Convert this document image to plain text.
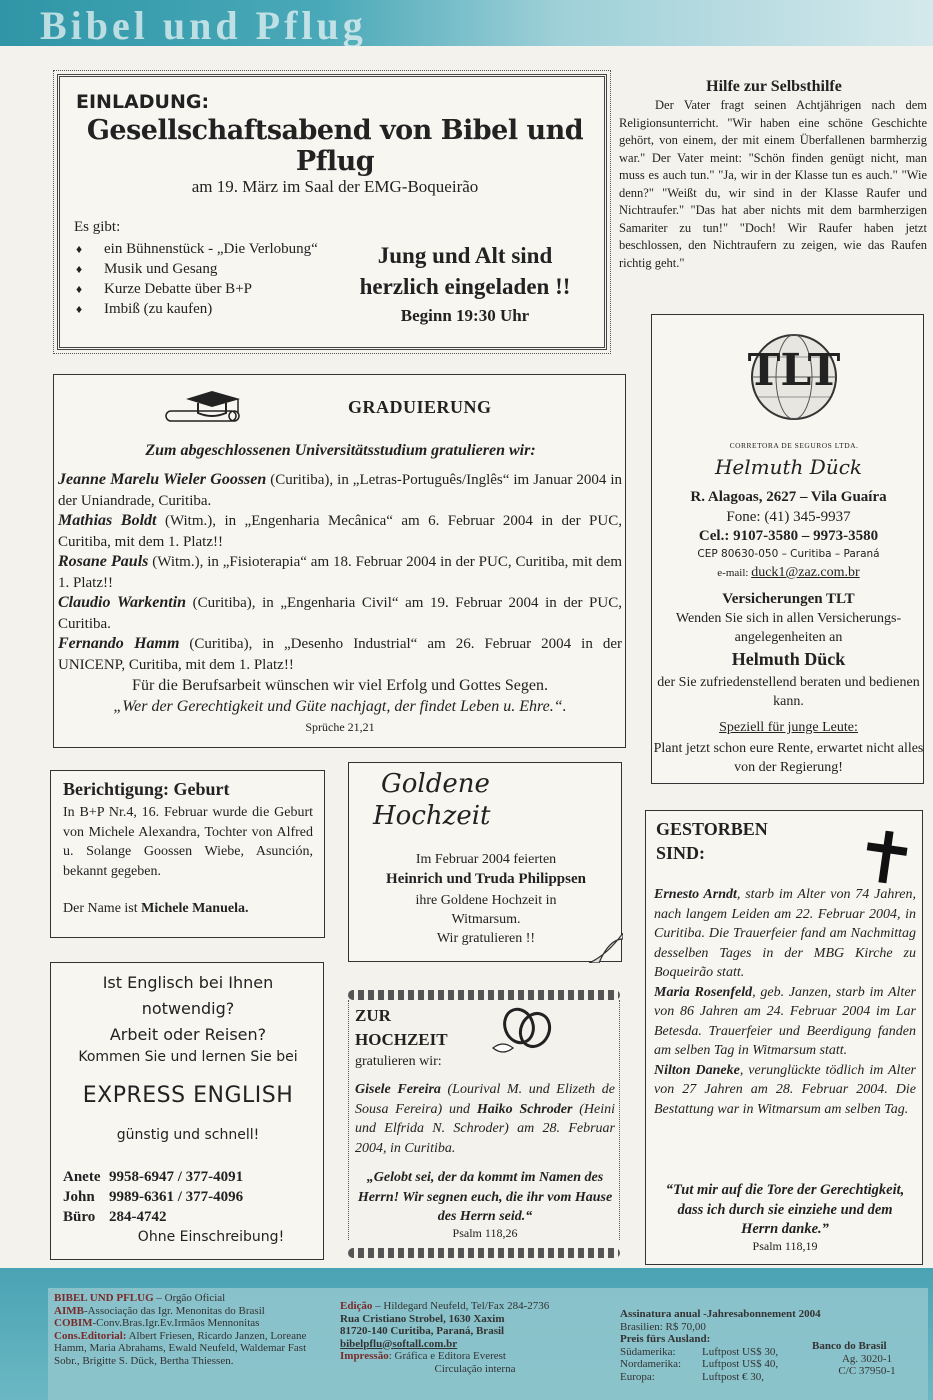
Bibel und Pflug
EINLADUNG:
Gesellschaftsabend von Bibel und Pflug
am 19. März im Saal der EMG-Boqueirão
Es gibt:
♦ ein Bühnenstück - „Die Verlobung“
♦ Musik und Gesang
♦ Kurze Debatte über B+P
♦ Imbiß (zu kaufen)
Jung und Alt sind
herzlich eingeladen !!
Beginn 19:30 Uhr
Hilfe zur Selbsthilfe
Der Vater fragt seinen Achtjährigen nach dem Religionsunterricht. "Wir haben eine schöne Geschichte gehört, von einem, der mit einem Überfallenen barmherzig war." Der Vater meint: "Schön finden genügt nicht, man muss es auch tun." "Ja, wir in der Klasse tun es auch." "Wie denn?" "Weißt du, wir sind in der Klasse Raufer und Nichtraufer." "Das hat aber nichts mit dem barmherzigen Samariter zu tun!" "Doch! Wir Raufer haben jetzt beschlossen, den Nichtraufern zu zeigen, wie das Raufen richtig geht."
GRADUIERUNG
Zum abgeschlossenen Universitätsstudium gratulieren wir:
Jeanne Marelu Wieler Goossen (Curitiba), in „Letras-Português/Inglês“ im Januar 2004 in der Uniandrade, Curitiba.
Mathias Boldt (Witm.), in „Engenharia Mecânica“ am 6. Februar 2004 in der PUC, Curitiba, mit dem 1. Platz!!
Rosane Pauls (Witm.), in „Fisioterapia“ am 18. Februar 2004 in der PUC, Curitiba, mit dem 1. Platz!!
Claudio Warkentin (Curitiba), in „Engenharia Civil“ am 19. Februar 2004 in der PUC, Curitiba.
Fernando Hamm (Curitiba), in „Desenho Industrial“ am 26. Februar 2004 in der UNICENP, Curitiba, mit dem 1. Platz!!
Für die Berufsarbeit wünschen wir viel Erfolg und Gottes Segen.
„Wer der Gerechtigkeit und Güte nachjagt, der findet Leben u. Ehre.“.
Sprüche 21,21
TLT
CORRETORA DE SEGUROS LTDA.
Helmuth Dück
R. Alagoas, 2627 – Vila Guaíra
Fone: (41) 345-9937
Cel.: 9107-3580 – 9973-3580
CEP 80630-050 – Curitiba – Paraná
e-mail: duck1@zaz.com.br
Versicherungen TLT
Wenden Sie sich in allen Versicherungs-angelegenheiten an
Helmuth Dück
der Sie zufriedenstellend beraten und bedienen kann.
Speziell für junge Leute:
Plant jetzt schon eure Rente, erwartet nicht alles von der Regierung!
Berichtigung: Geburt
In B+P Nr.4, 16. Februar wurde die Geburt von Michele Alexandra, Tochter von Alfred u. Solange Goossen Wiebe, Asunción, bekannt gegeben.
Der Name ist Michele Manuela.
Goldene
Hochzeit
Im Februar 2004 feierten
Heinrich und Truda Philippsen
ihre Goldene Hochzeit in Witmarsum.
Wir gratulieren !!
GESTORBEN
SIND:
Ernesto Arndt, starb im Alter von 74 Jahren, nach langem Leiden am 22. Februar 2004, in Curitiba. Die Trauerfeier fand am Nachmittag desselben Tages in der MBG Kirche zu Boqueirão statt.
Maria Rosenfeld, geb. Janzen, starb im Alter von 86 Jahren am 24. Februar 2004 im Lar Betesda. Trauerfeier und Beerdigung fanden am selben Tag in Witmarsum statt.
Nilton Daneke, verunglückte tödlich im Alter von 27 Jahren am 28. Februar 2004. Die Bestattung war in Witmarsum am selben Tag.
“Tut mir auf die Tore der Gerechtigkeit, dass ich durch sie einziehe und dem Herrn danke.”
Psalm 118,19
Ist Englisch bei Ihnen
notwendig?
Arbeit oder Reisen?
Kommen Sie und lernen Sie bei
EXPRESS ENGLISH
günstig und schnell!
Anete 9958-6947 / 377-4091
John 9989-6361 / 377-4096
Büro 284-4742
Ohne Einschreibung!
ZUR
HOCHZEIT
gratulieren wir:
Gisele Fereira (Lourival M. und Elizeth de Sousa Fereira) und Haiko Schroder (Heini und Elfrida N. Schroder) am 28. Februar 2004, in Curitiba.
„Gelobt sei, der da kommt im Namen des Herrn! Wir segnen euch, die ihr vom Hause des Herrn seid.“
Psalm 118,26
BIBEL UND PFLUG – Orgão Oficial
AIMB-Associação das Igr. Menonitas do Brasil
COBIM-Conv.Bras.Igr.Ev.Irmãos Mennonitas
Cons.Editorial: Albert Friesen, Ricardo Janzen, Loreane Hamm, Maria Abrahams, Ewald Neufeld, Waldemar Fast Sobr., Brigitte S. Dück, Bertha Thiessen.
Edição – Hildegard Neufeld, Tel/Fax 284-2736
Rua Cristiano Strobel, 1630 Xaxim
81720-140 Curitiba, Paraná, Brasil
bibelpflu@softall.com.br
Impressão: Gráfica e Editora Everest
Circulação interna
Assinatura anual -Jahresabonnement 2004
Brasilien: R$ 70,00
Preis fürs Ausland:
Südamerika: Luftpost US$ 30,
Nordamerika: Luftpost US$ 40,
Europa:	Luftpost € 30,
Banco do Brasil
Ag. 3020-1
C/C 37950-1
